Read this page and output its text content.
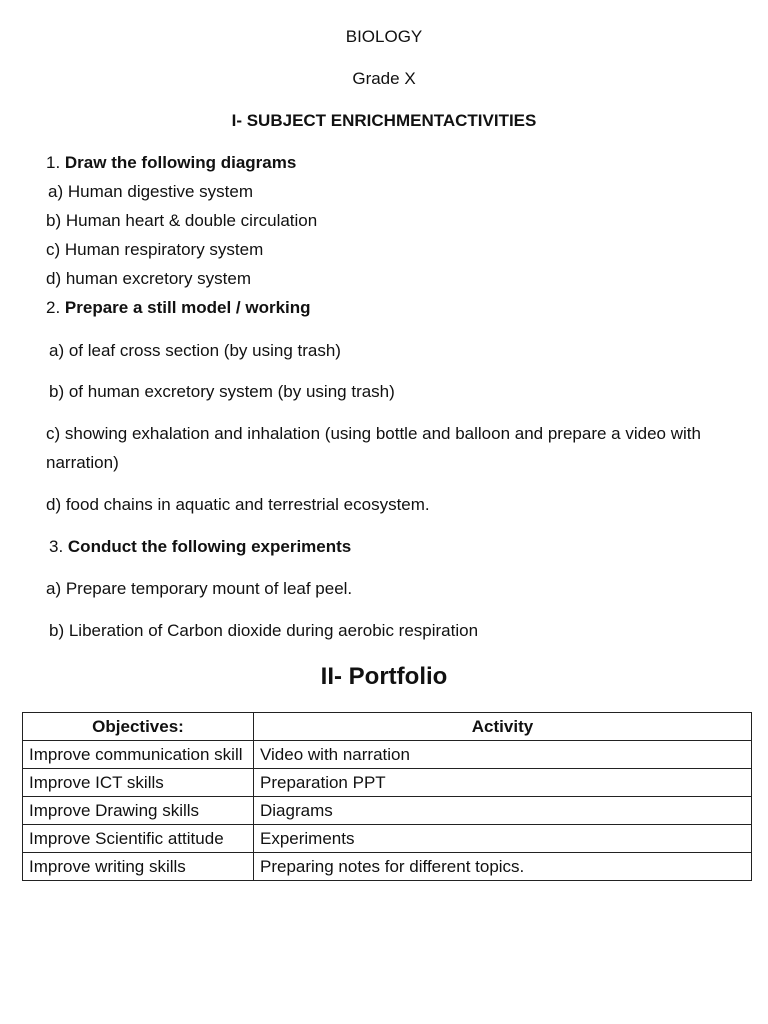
BIOLOGY
Grade X
I- SUBJECT ENRICHMENTACTIVITIES
1. Draw the following diagrams
a) Human digestive system
b) Human heart & double circulation
c) Human respiratory system
d) human excretory system
2. Prepare a still model / working
a) of leaf cross section (by using trash)
b) of human excretory system (by using trash)
c) showing exhalation and inhalation (using bottle and balloon and prepare a video with narration)
d) food chains in aquatic and terrestrial ecosystem.
3. Conduct the following experiments
a) Prepare temporary mount of leaf peel.
b) Liberation of Carbon dioxide during aerobic respiration
II- Portfolio
Objectives:	Activity
Improve communication skill	Video with narration
Improve ICT skills	Preparation PPT
Improve Drawing skills	Diagrams
Improve Scientific attitude	Experiments
Improve writing skills	Preparing notes for different topics.
